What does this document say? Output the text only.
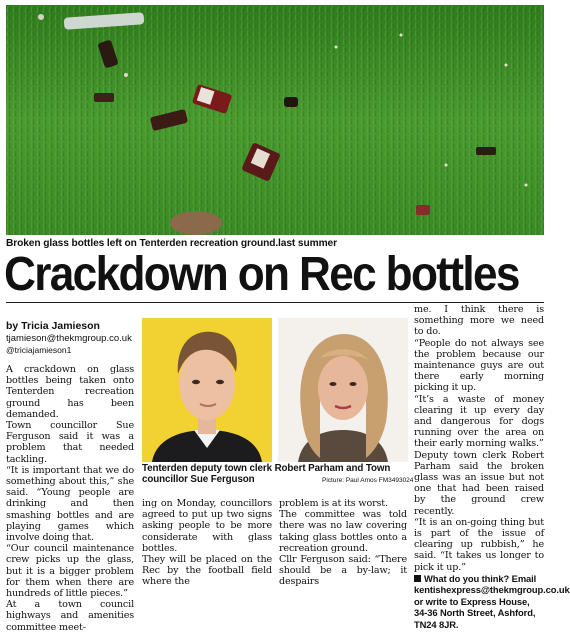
Broken glass bottles left on Tenterden recreation ground.last summer
Crackdown on Rec bottles
by Tricia Jamieson
tjamieson@thekmgroup.co.uk
@triciajamieson1

A crackdown on glass bottles being taken onto Tenterden recreation ground has been demanded.

Town councillor Sue Ferguson said it was a problem that needed tackling.

“It is important that we do something about this,” she said. “Young people are drinking and then smashing bottles and are playing games which involve doing that.

“Our council maintenance crew picks up the glass, but it is a bigger problem for them when there are hundreds of little pieces.”

At a town council highways and amenities committee meet-

Tenterden deputy town clerk Robert Parham and Town councillor Sue Ferguson	Picture: Paul Amos FM3493024

ing on Monday, councillors agreed to put up two signs asking people to be more considerate with glass bottles.

They will be placed on the Rec by the football field where the

problem is at its worst.

The committee was told there was no law covering taking glass bottles onto a recreation ground.

Cllr Ferguson said: “There should be a by-law; it despairs

me. I think there is something more we need to do.

“People do not always see the problem because our maintenance guys are out there early morning picking it up.

“It’s a waste of money clearing it up every day and dangerous for dogs running over the area on their early morning walks.”

Deputy town clerk Robert Parham said the broken glass was an issue but not one that had been raised by the ground crew recently.

“It is an on-going thing but is part of the issue of clearing up rubbish,” he said. “It takes us longer to pick it up.”

What do you think? Email kentishexpress@thekmgroup.co.uk or write to Express House, 34-36 North Street, Ashford, TN24 8JR.
